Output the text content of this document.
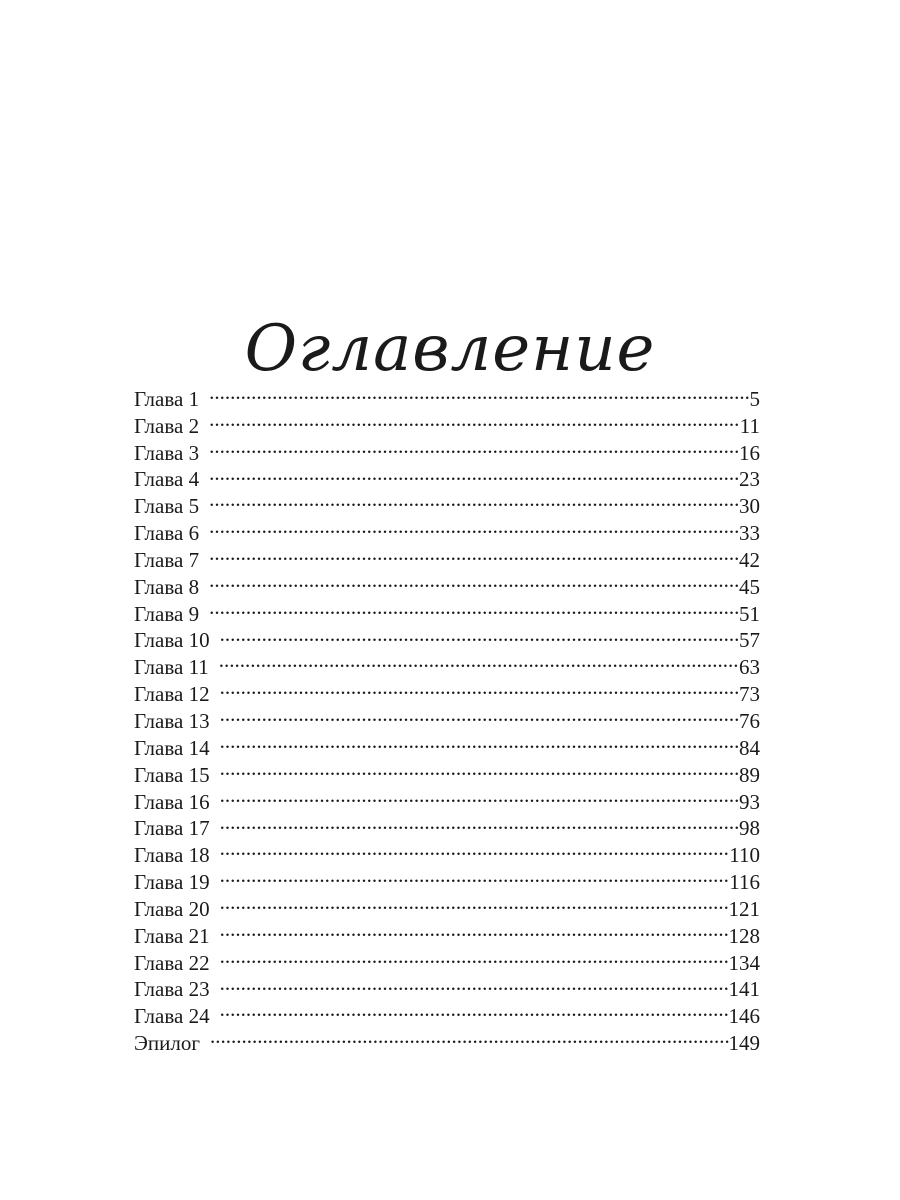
Оглавление
Глава 1 .....	5
Глава 2 .....	11
Глава 3 .....	16
Глава 4 .....	23
Глава 5 .....	30
Глава 6 .....	33
Глава 7 .....	42
Глава 8 .....	45
Глава 9 .....	51
Глава 10 .....	57
Глава 11 .....	63
Глава 12 .....	73
Глава 13 .....	76
Глава 14 .....	84
Глава 15 .....	89
Глава 16 .....	93
Глава 17 .....	98
Глава 18 .....	110
Глава 19 .....	116
Глава 20 .....	121
Глава 21 .....	128
Глава 22 .....	134
Глава 23 .....	141
Глава 24 .....	146
Эпилог .....	149
